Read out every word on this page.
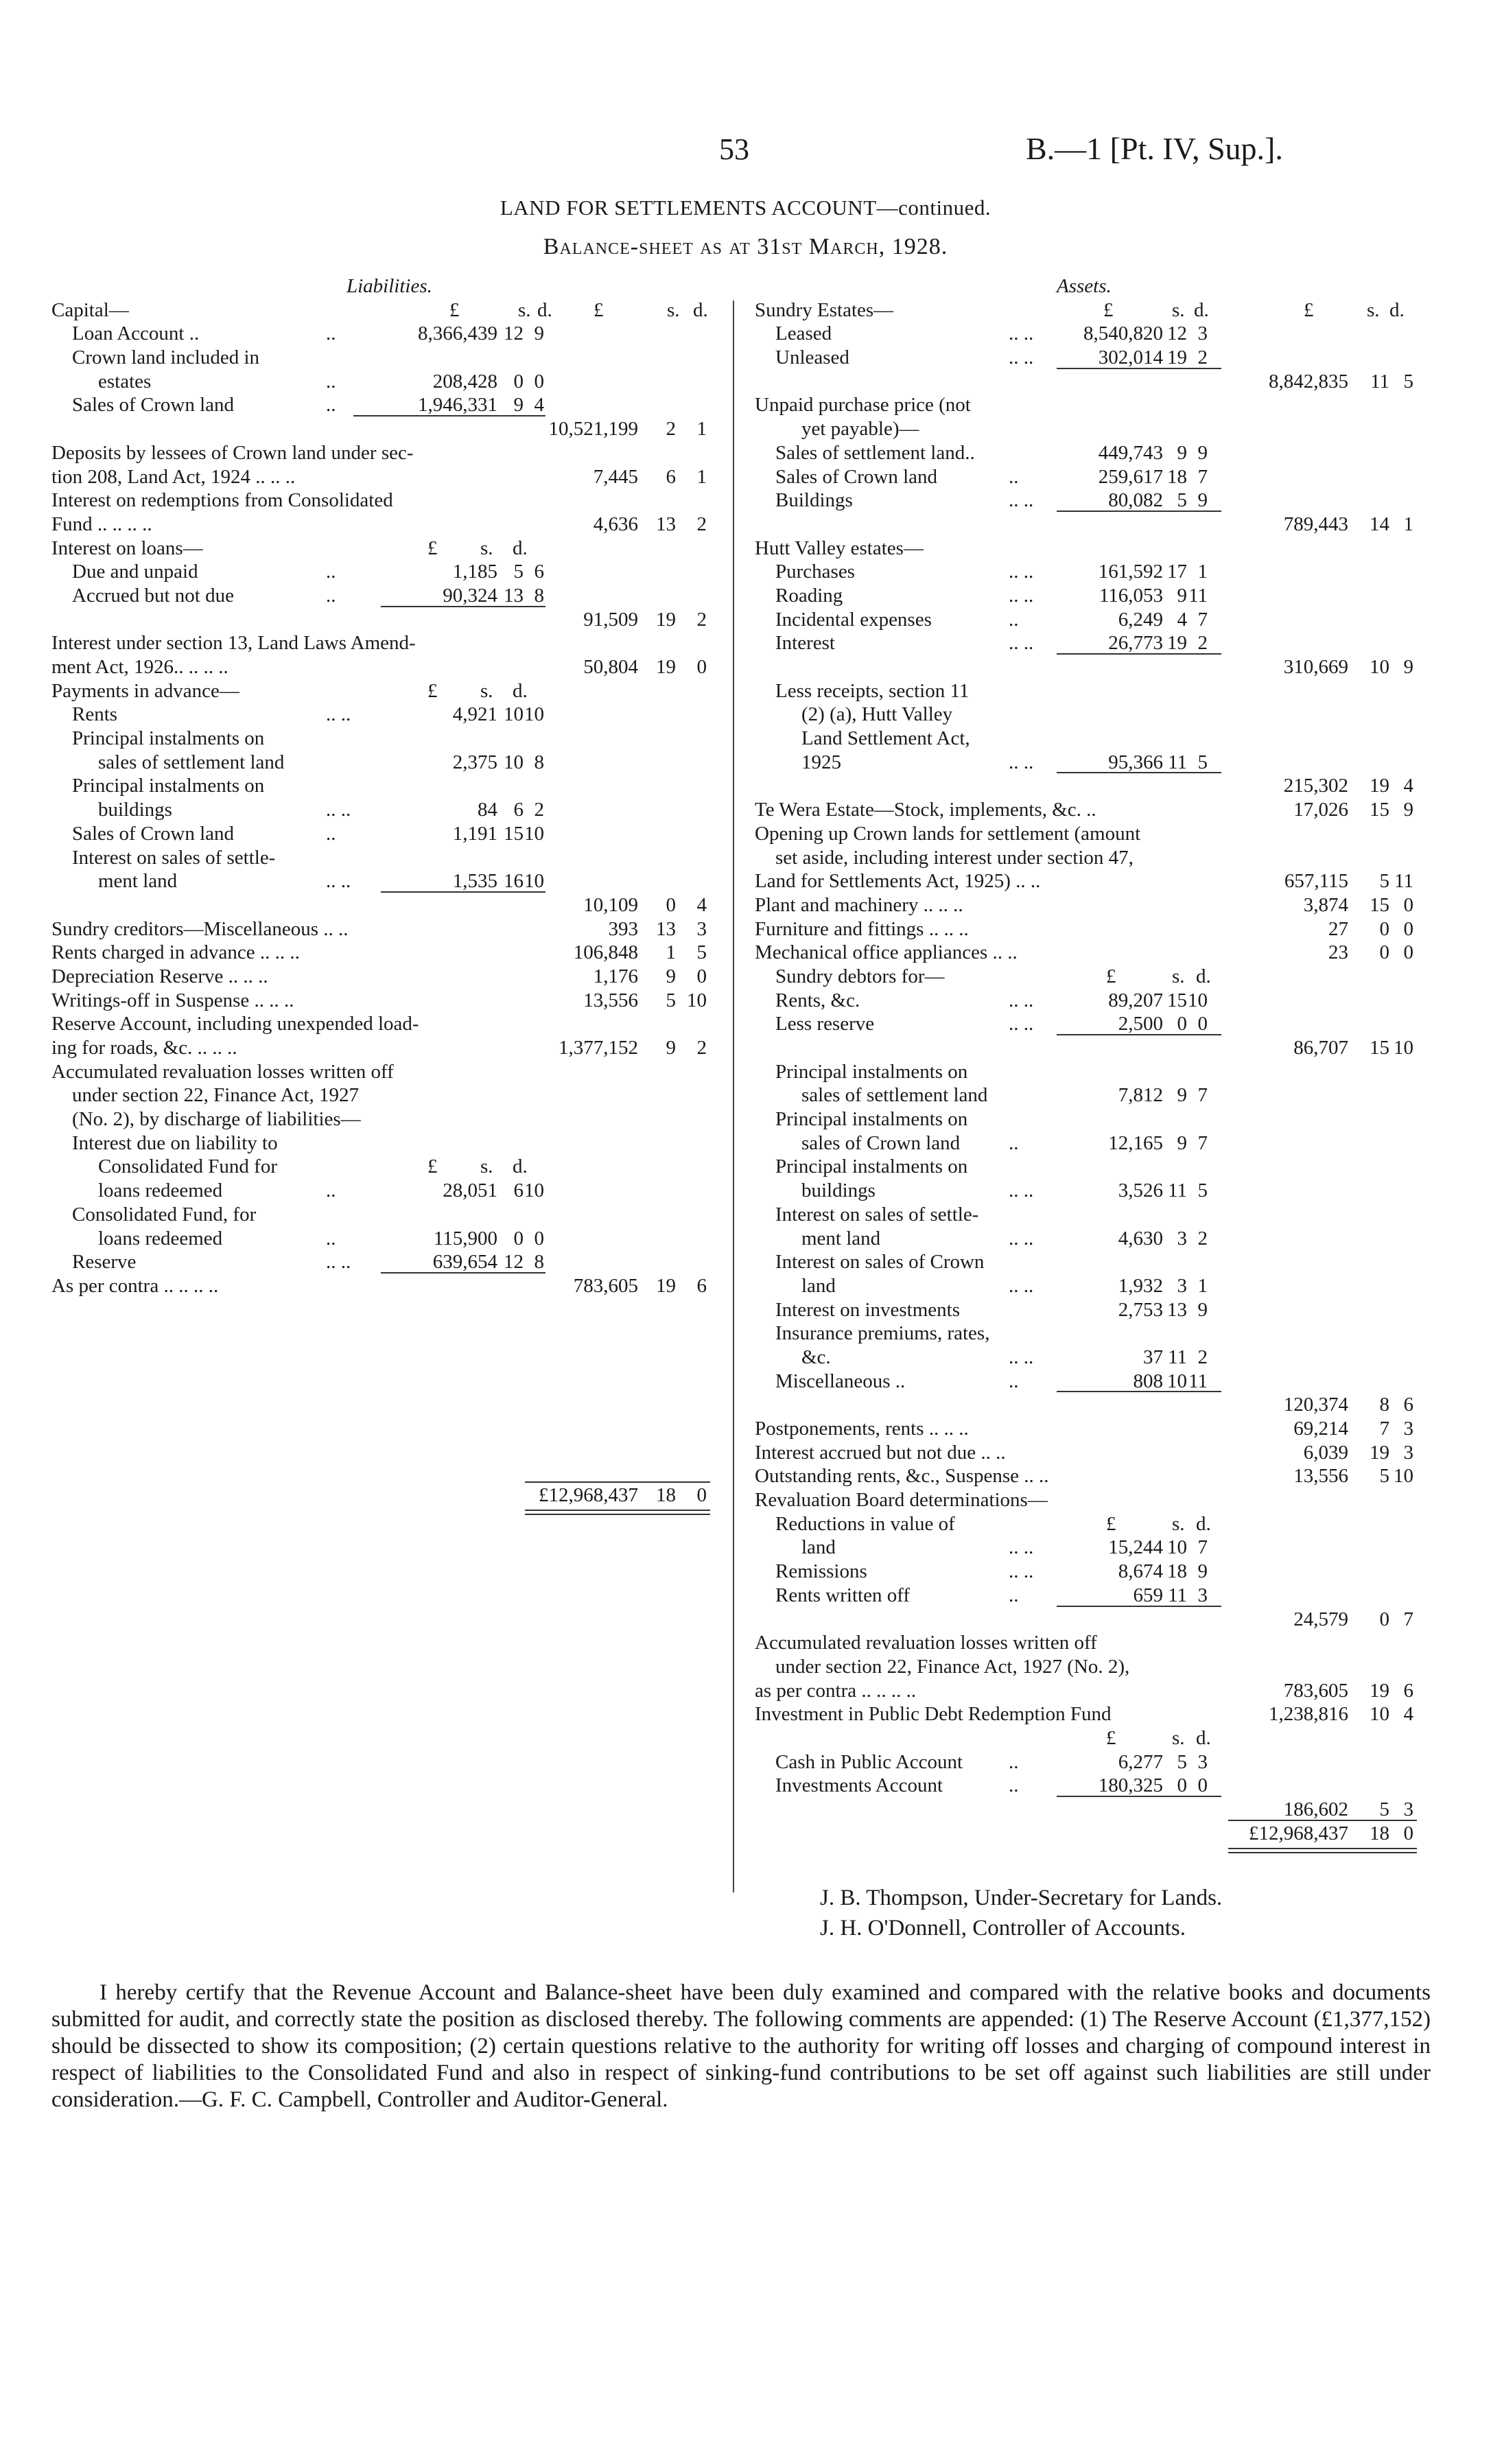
53	B.—1 [Pt. IV, Sup.].
LAND FOR SETTLEMENTS ACCOUNT—continued.
Balance-sheet as at 31st March, 1928.
Liabilities.
Capital—	£	s. d. £	s. d.
Loan Account ..	..	8,366,439 12 9
Crown land included in
estates	..	208,428 0 0
Sales of Crown land	..	1,946,331 9 4
10,521,199 2 1
Deposits by lessees of Crown land under sec-
tion 208, Land Act, 1924 .. .. ..	7,445 6 1
Interest on redemptions from Consolidated
Fund .. .. .. ..	4,636 13 2
Interest on loans—	£ s. d.
Due and unpaid	..	1,185 5 6
Accrued but not due	..	90,324 13 8
91,509 19 2
Interest under section 13, Land Laws Amend-
ment Act, 1926.. .. .. ..	50,804 19 0
Payments in advance—	£ s. d.
Rents	.. ..	4,921 10 10
Principal instalments on
sales of settlement land	2,375 10 8
Principal instalments on
buildings	.. ..	84 6 2
Sales of Crown land	..	1,191 15 10
Interest on sales of settle-
ment land	.. ..	1,535 16 10
10,109 0 4
Sundry creditors—Miscellaneous .. ..	393 13 3
Rents charged in advance .. .. ..	106,848 1 5
Depreciation Reserve .. .. ..	1,176 9 0
Writings-off in Suspense .. .. ..	13,556 5 10
Reserve Account, including unexpended load-
ing for roads, &c. .. .. ..	1,377,152 9 2
Accumulated revaluation losses written off
under section 22, Finance Act, 1927
(No. 2), by discharge of liabilities—
Interest due on liability to
Consolidated Fund for	£ s. d.
loans redeemed	..	28,051 6 10
Consolidated Fund, for
loans redeemed	..	115,900 0 0
Reserve	.. ..	639,654 12 8
As per contra .. .. .. ..	783,605 19 6
£12,968,437 18 0
Assets.
Sundry Estates—	£	s. d.	£	s. d.
Leased	.. ..	8,540,820 12 3
Unleased	.. ..	302,014 19 2
8,842,835 11 5
Unpaid purchase price (not
yet payable)—
Sales of settlement land..	449,743 9 9
Sales of Crown land	..	259,617 18 7
Buildings	.. ..	80,082 5 9
789,443 14 1
Hutt Valley estates—
Purchases	.. ..	161,592 17 1
Roading	.. ..	116,053 9 11
Incidental expenses	..	6,249 4 7
Interest	.. ..	26,773 19 2
310,669 10 9
Less receipts, section 11
(2) (a), Hutt Valley
Land Settlement Act,
1925	.. ..	95,366 11 5
215,302 19 4
Te Wera Estate—Stock, implements, &c. ..	17,026 15 9
Opening up Crown lands for settlement (amount
set aside, including interest under section 47,
Land for Settlements Act, 1925) .. ..	657,115 5 11
Plant and machinery .. .. ..	3,874 15 0
Furniture and fittings .. .. ..	27 0 0
Mechanical office appliances .. ..	23 0 0
Sundry debtors for—	£	s. d.
Rents, &c.	.. ..	89,207 15 10
Less reserve	.. ..	2,500 0 0
86,707 15 10
Principal instalments on
sales of settlement land	7,812 9 7
Principal instalments on
sales of Crown land ..	12,165 9 7
Principal instalments on
buildings	.. ..	3,526 11 5
Interest on sales of settle-
ment land	.. ..	4,630 3 2
Interest on sales of Crown
land	.. ..	1,932 3 1
Interest on investments	2,753 13 9
Insurance premiums, rates,
&c.	.. ..	37 11 2
Miscellaneous ..	..	808 10 11
120,374 8 6
Postponements, rents .. .. ..	69,214 7 3
Interest accrued but not due .. ..	6,039 19 3
Outstanding rents, &c., Suspense .. ..	13,556 5 10
Revaluation Board determinations—
Reductions in value of	£	s. d.
land	.. ..	15,244 10 7
Remissions	.. ..	8,674 18 9
Rents written off	..	659 11 3
24,579 0 7
Accumulated revaluation losses written off
under section 22, Finance Act, 1927 (No. 2),
as per contra .. .. .. ..	783,605 19 6
Investment in Public Debt Redemption Fund	1,238,816 10 4
£	s. d.
Cash in Public Account ..	6,277 5 3
Investments Account	..	180,325 0 0
186,602 5 3
£12,968,437 18 0
J. B. Thompson, Under-Secretary for Lands.
J. H. O'Donnell, Controller of Accounts.

I hereby certify that the Revenue Account and Balance-sheet have been duly examined and compared with the relative books and documents submitted for audit, and correctly state the position as disclosed thereby. The following comments are appended: (1) The Reserve Account (£1,377,152) should be dissected to show its composition; (2) certain questions relative to the authority for writing off losses and charging of compound interest in respect of liabilities to the Consolidated Fund and also in respect of sinking-fund contributions to be set off against such liabilities are still under consideration.—G. F. C. Campbell, Controller and Auditor-General.
